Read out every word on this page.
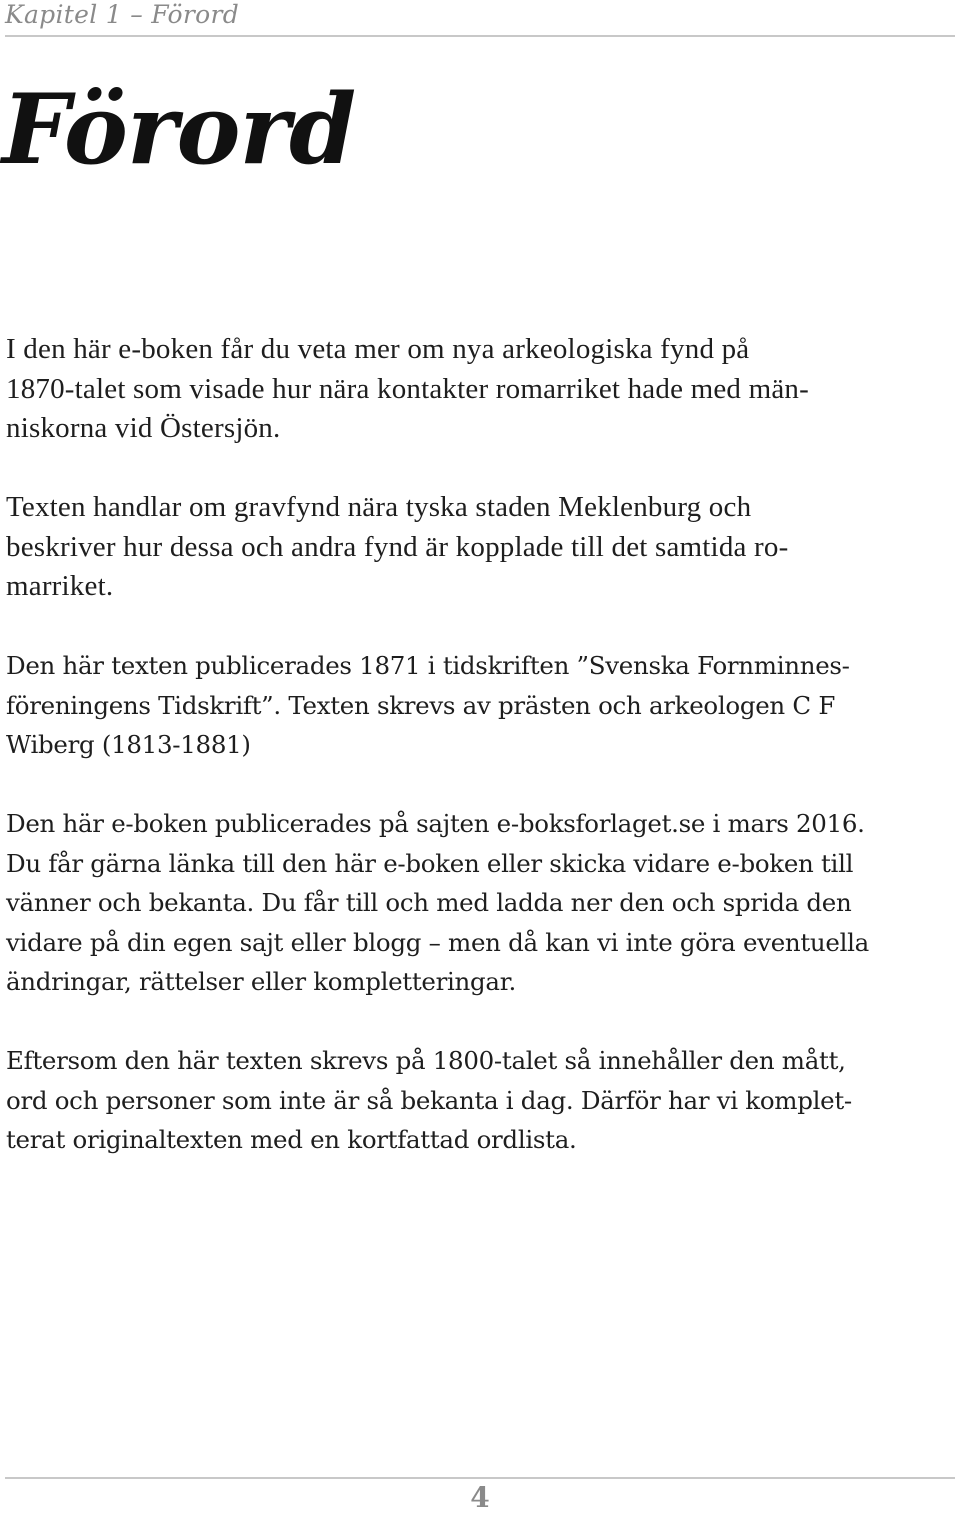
Kapitel 1 – Förord
Förord

I den här e-boken får du veta mer om nya arkeologiska fynd på
1870-talet som visade hur nära kontakter romarriket hade med män-
niskorna vid Östersjön.

Texten handlar om gravfynd nära tyska staden Meklenburg och
beskriver hur dessa och andra fynd är kopplade till det samtida ro-
marriket.

Den här texten publicerades 1871 i tidskriften ”Svenska Fornminnes-
föreningens Tidskrift”. Texten skrevs av prästen och arkeologen C F
Wiberg (1813-1881)

Den här e-boken publicerades på sajten e-boksforlaget.se i mars 2016.
Du får gärna länka till den här e-boken eller skicka vidare e-boken till
vänner och bekanta. Du får till och med ladda ner den och sprida den
vidare på din egen sajt eller blogg – men då kan vi inte göra eventuella
ändringar, rättelser eller kompletteringar.

Eftersom den här texten skrevs på 1800-talet så innehåller den mått,
ord och personer som inte är så bekanta i dag. Därför har vi komplet-
terat originaltexten med en kortfattad ordlista.

4
